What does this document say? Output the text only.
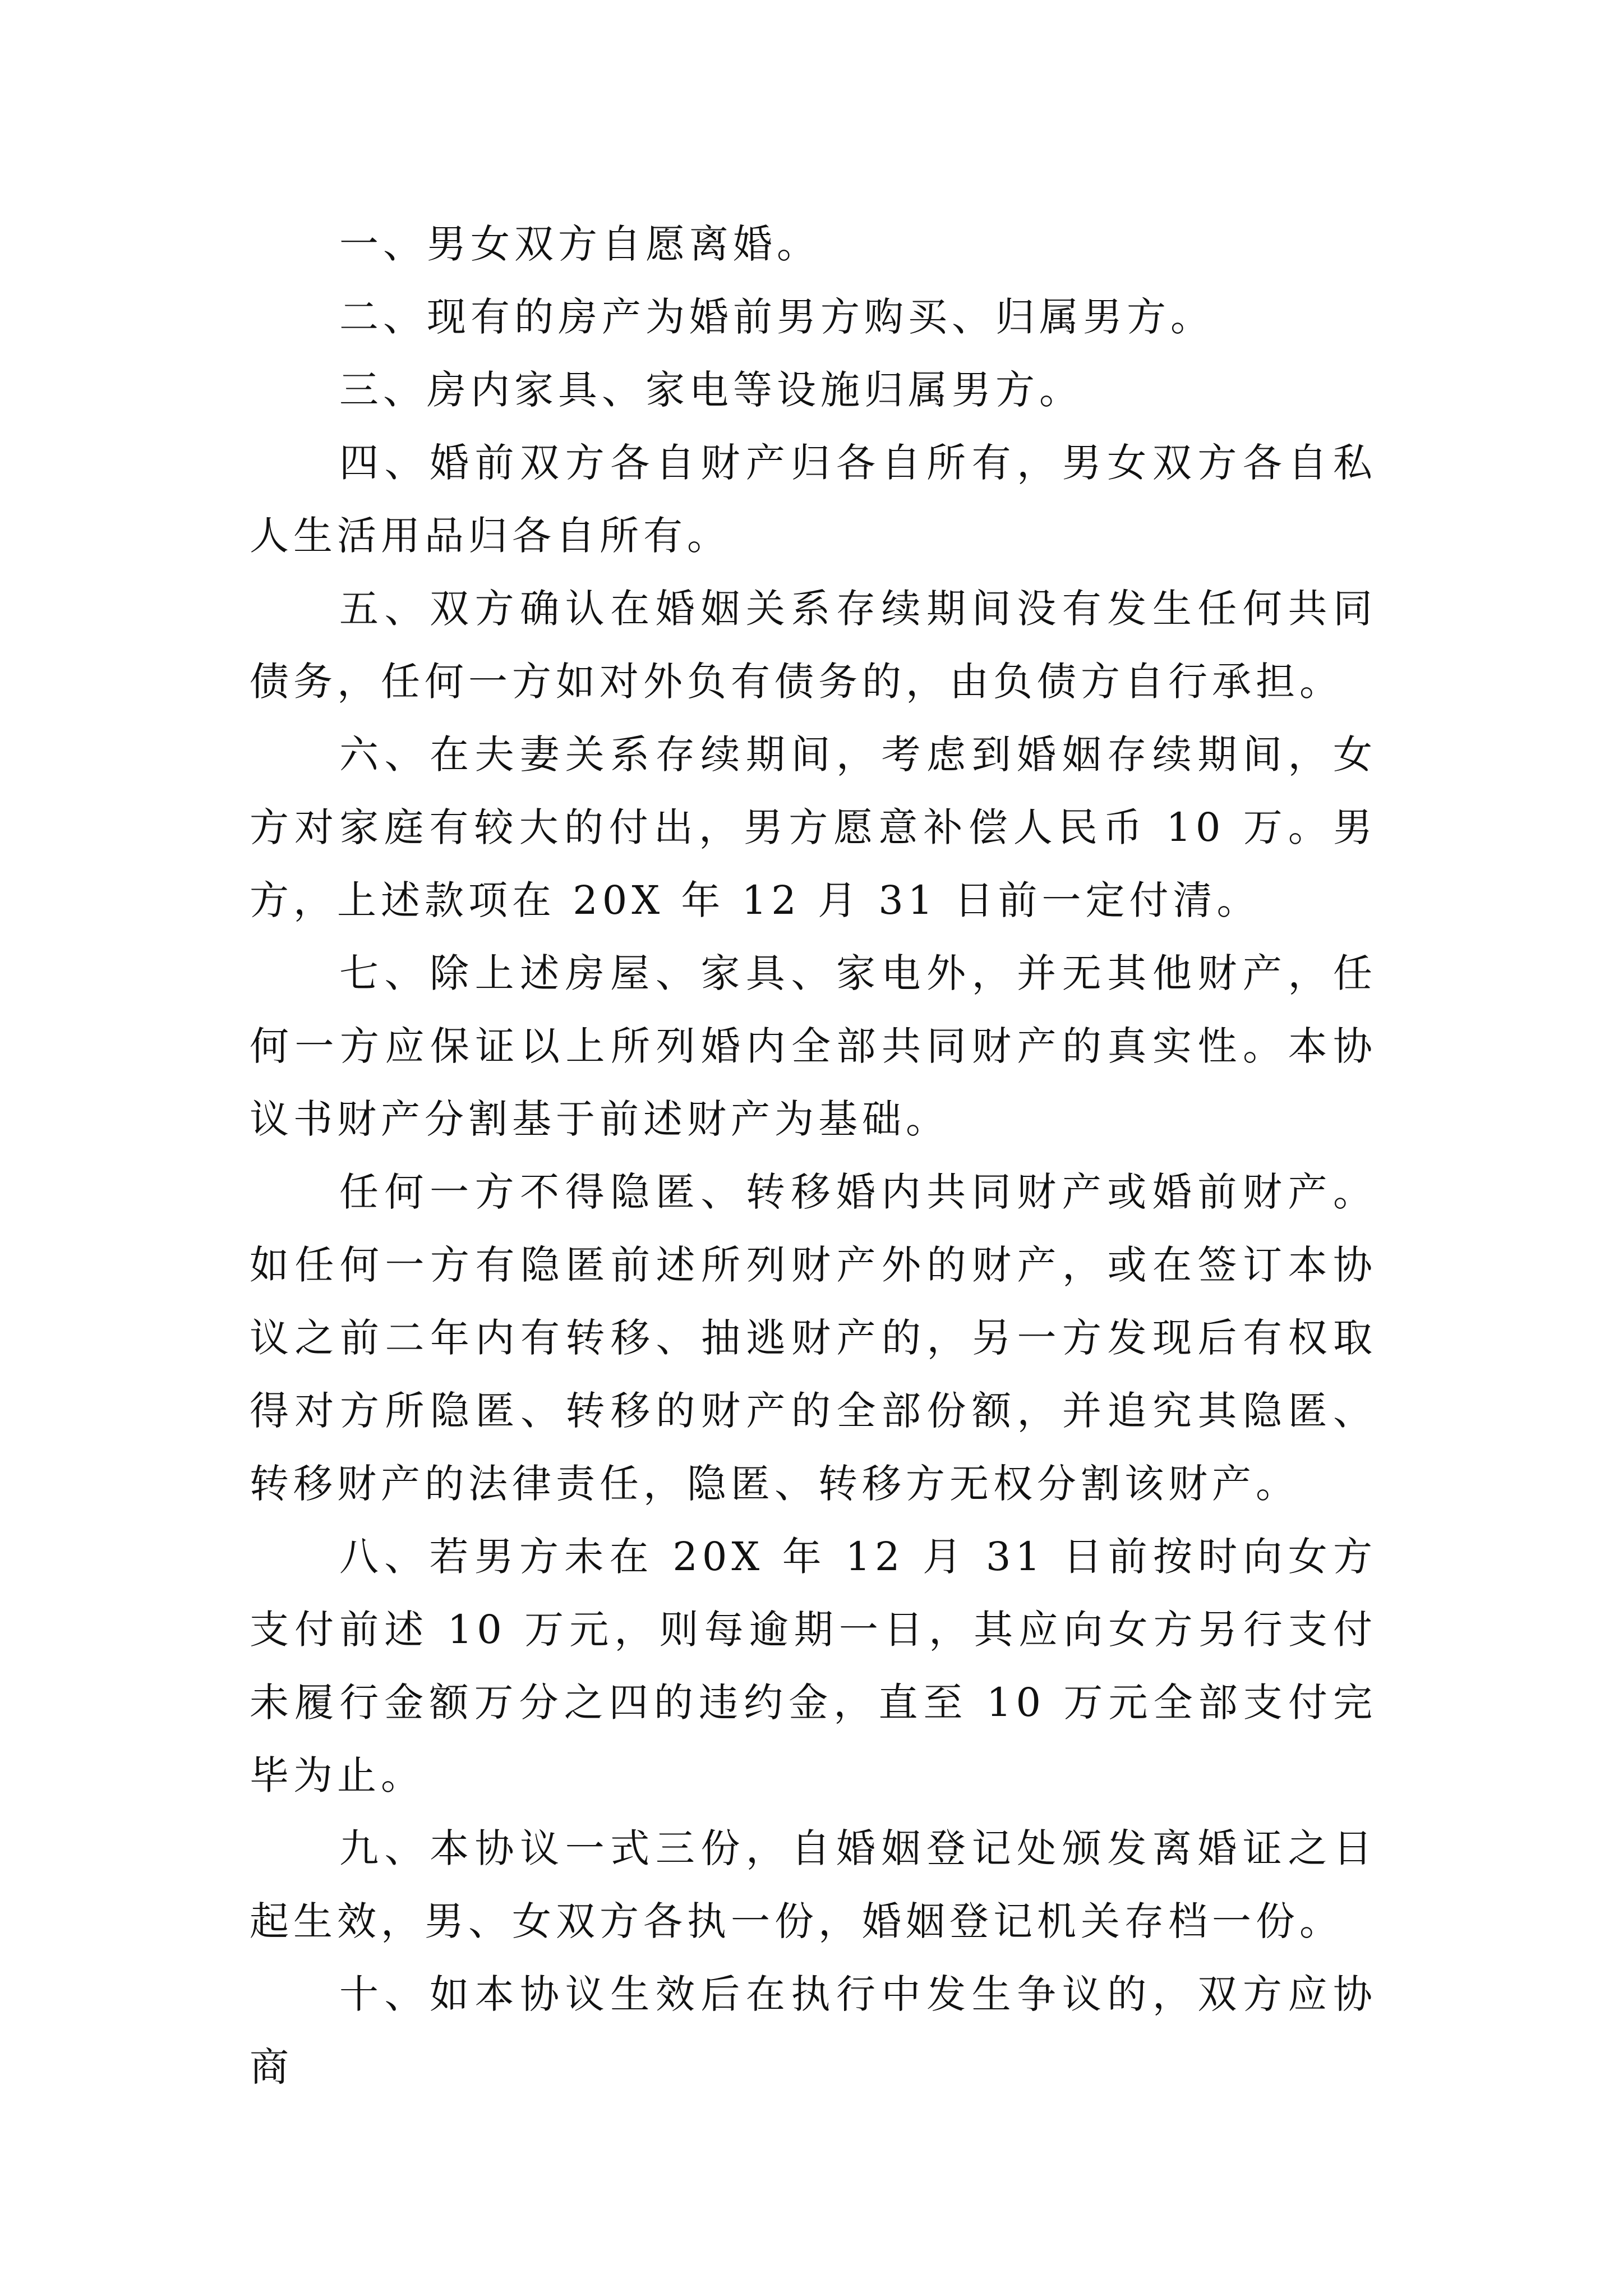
一、男女双方自愿离婚。

二、现有的房产为婚前男方购买、归属男方。

三、房内家具、家电等设施归属男方。

四、婚前双方各自财产归各自所有，男女双方各自私人生活用品归各自所有。

五、双方确认在婚姻关系存续期间没有发生任何共同债务，任何一方如对外负有债务的，由负债方自行承担。

六、在夫妻关系存续期间，考虑到婚姻存续期间，女方对家庭有较大的付出，男方愿意补偿人民币 10 万。男方，上述款项在 20X 年 12 月 31 日前一定付清。

七、除上述房屋、家具、家电外，并无其他财产，任何一方应保证以上所列婚内全部共同财产的真实性。本协议书财产分割基于前述财产为基础。

任何一方不得隐匿、转移婚内共同财产或婚前财产。如任何一方有隐匿前述所列财产外的财产，或在签订本协议之前二年内有转移、抽逃财产的，另一方发现后有权取得对方所隐匿、转移的财产的全部份额，并追究其隐匿、转移财产的法律责任，隐匿、转移方无权分割该财产。

八、若男方未在 20X 年 12 月 31 日前按时向女方支付前述 10 万元，则每逾期一日，其应向女方另行支付未履行金额万分之四的违约金，直至 10 万元全部支付完毕为止。

九、本协议一式三份，自婚姻登记处颁发离婚证之日起生效，男、女双方各执一份，婚姻登记机关存档一份。

十、如本协议生效后在执行中发生争议的，双方应协商
